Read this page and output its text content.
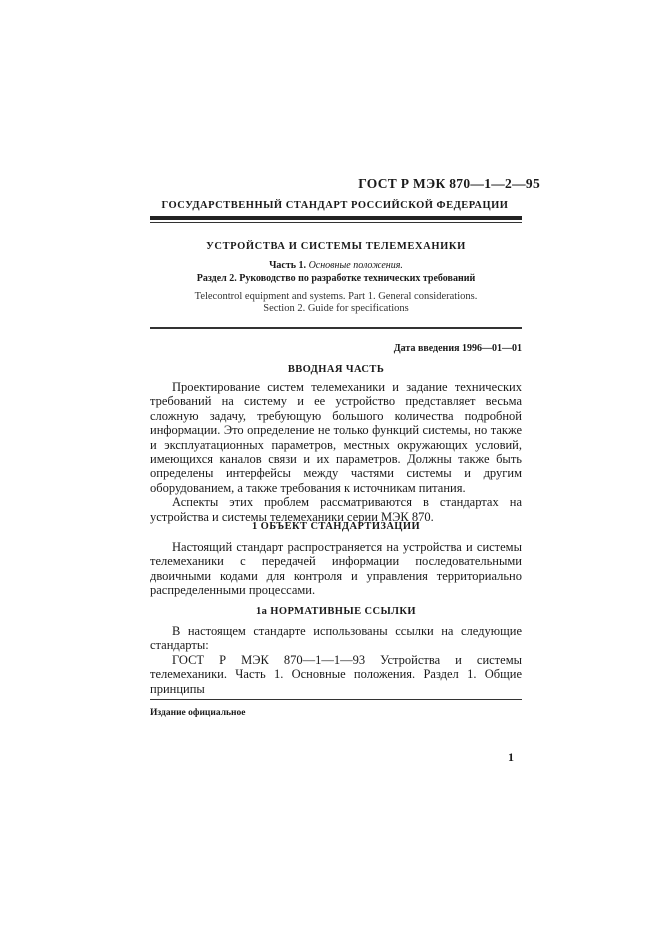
ГОСТ Р МЭК 870—1—2—95
ГОСУДАРСТВЕННЫЙ СТАНДАРТ РОССИЙСКОЙ ФЕДЕРАЦИИ
УСТРОЙСТВА И СИСТЕМЫ ТЕЛЕМЕХАНИКИ
Часть 1. Основные положения.
Раздел 2. Руководство по разработке технических требований
Telecontrol equipment and systems. Part 1. General considerations.
Section 2. Guide for specifications
Дата введения 1996—01—01
ВВОДНАЯ ЧАСТЬ

Проектирование систем телемеханики и задание технических требований на систему и ее устройство представляет весьма сложную задачу, требующую большого количества подробной информации. Это определение не только функций системы, но также и эксплуатационных параметров, местных окружающих условий, имеющихся каналов связи и их параметров. Должны также быть определены интерфейсы между частями системы и другим оборудованием, а также требования к источникам питания.

Аспекты этих проблем рассматриваются в стандартах на устройства и системы телемеханики серии МЭК 870.

1 ОБЪЕКТ СТАНДАРТИЗАЦИИ

Настоящий стандарт распространяется на устройства и системы телемеханики с передачей информации последовательными двоичными кодами для контроля и управления территориально распределенными процессами.

1а НОРМАТИВНЫЕ ССЫЛКИ

В настоящем стандарте использованы ссылки на следующие стандарты:

ГОСТ Р МЭК 870—1—1—93 Устройства и системы телемеханики. Часть 1. Основные положения. Раздел 1. Общие принципы

Издание официальное
1
